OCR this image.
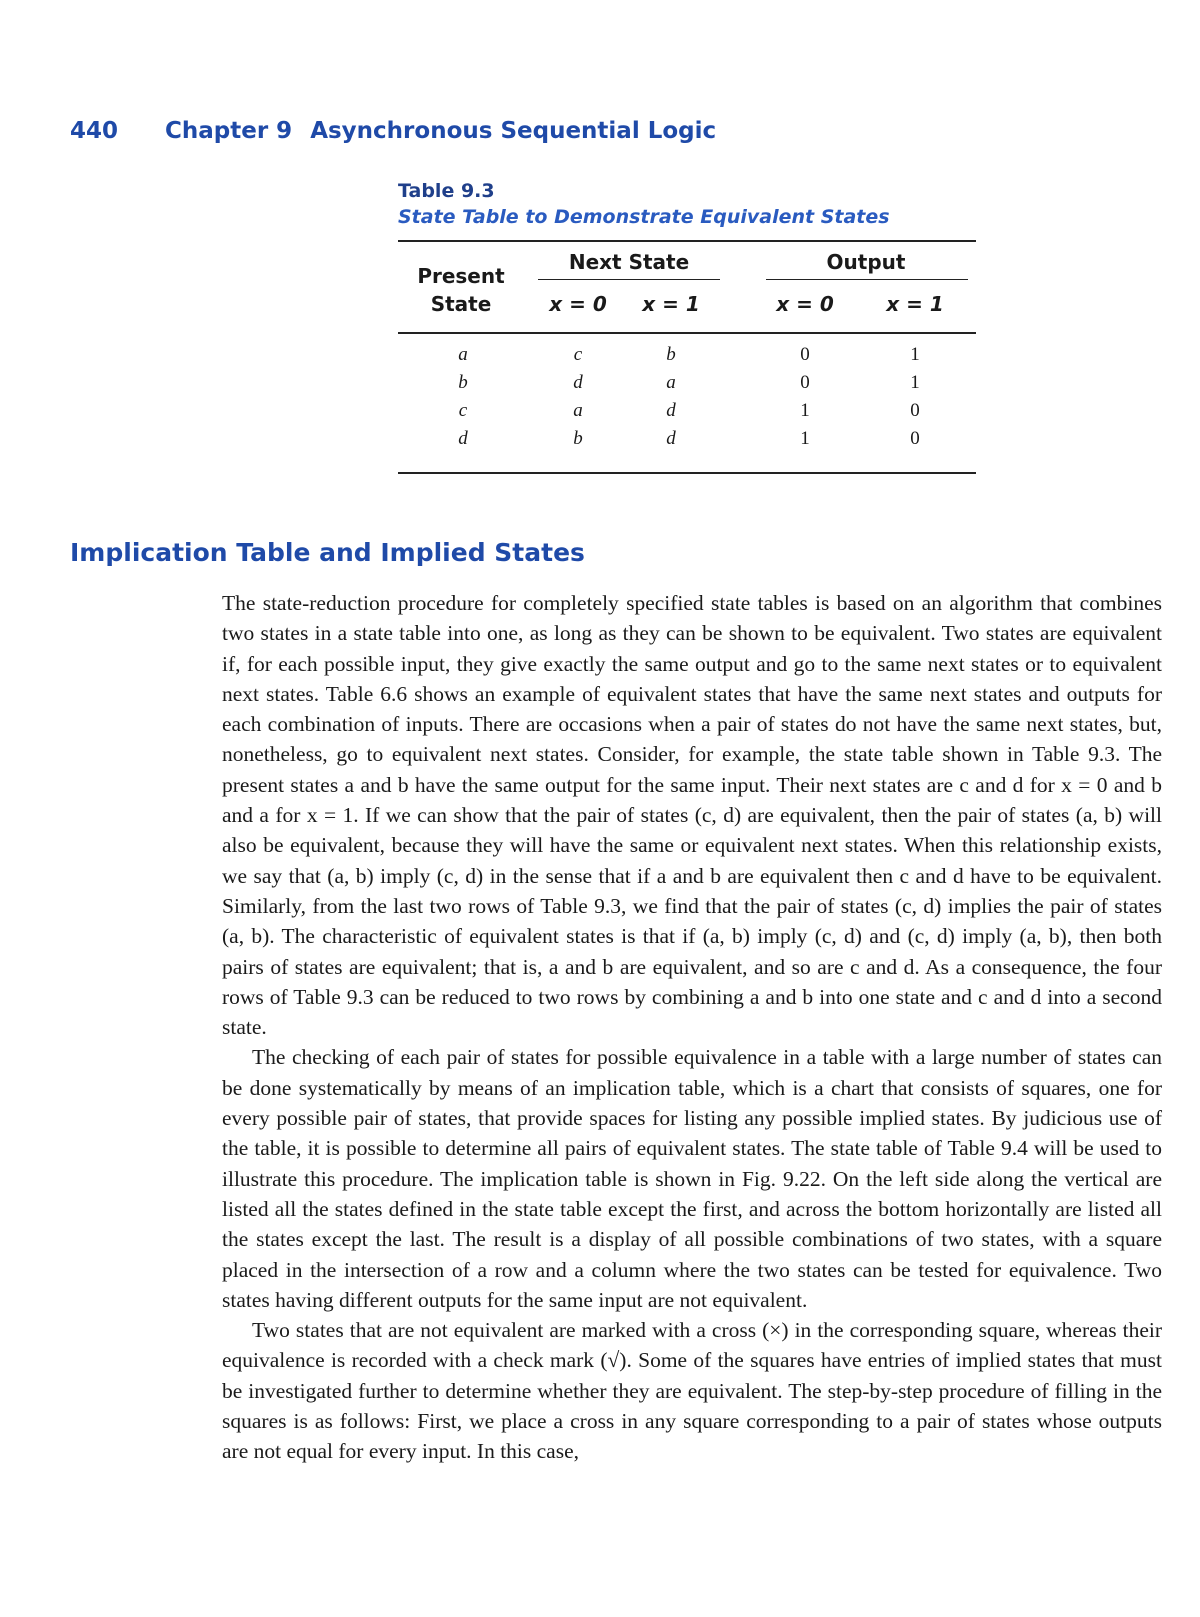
440 Chapter 9 Asynchronous Sequential Logic
Table 9.3
State Table to Demonstrate Equivalent States
Present
State
Next State	Output
x = 0	x = 1	x = 0	x = 1
a	c	b	0	1
b	d	a	0	1
c	a	d	1	0
d	b	d	1	0
Implication Table and Implied States

The state-reduction procedure for completely specified state tables is based on an algorithm that combines two states in a state table into one, as long as they can be shown to be equivalent. Two states are equivalent if, for each possible input, they give exactly the same output and go to the same next states or to equivalent next states. Table 6.6 shows an example of equivalent states that have the same next states and outputs for each combination of inputs. There are occasions when a pair of states do not have the same next states, but, nonetheless, go to equivalent next states. Consider, for example, the state table shown in Table 9.3. The present states a and b have the same output for the same input. Their next states are c and d for x = 0 and b and a for x = 1. If we can show that the pair of states (c, d) are equivalent, then the pair of states (a, b) will also be equivalent, because they will have the same or equivalent next states. When this relationship exists, we say that (a, b) imply (c, d) in the sense that if a and b are equivalent then c and d have to be equivalent. Similarly, from the last two rows of Table 9.3, we find that the pair of states (c, d) implies the pair of states (a, b). The characteristic of equivalent states is that if (a, b) imply (c, d) and (c, d) imply (a, b), then both pairs of states are equivalent; that is, a and b are equivalent, and so are c and d. As a consequence, the four rows of Table 9.3 can be reduced to two rows by combining a and b into one state and c and d into a second state.

The checking of each pair of states for possible equivalence in a table with a large number of states can be done systematically by means of an implication table, which is a chart that consists of squares, one for every possible pair of states, that provide spaces for listing any possible implied states. By judicious use of the table, it is possible to determine all pairs of equivalent states. The state table of Table 9.4 will be used to illustrate this procedure. The implication table is shown in Fig. 9.22. On the left side along the vertical are listed all the states defined in the state table except the first, and across the bottom horizontally are listed all the states except the last. The result is a display of all possible combinations of two states, with a square placed in the intersection of a row and a column where the two states can be tested for equivalence. Two states having different outputs for the same input are not equivalent.

Two states that are not equivalent are marked with a cross (×) in the corresponding square, whereas their equivalence is recorded with a check mark (√). Some of the squares have entries of implied states that must be investigated further to determine whether they are equivalent. The step-by-step procedure of filling in the squares is as follows: First, we place a cross in any square corresponding to a pair of states whose outputs are not equal for every input. In this case,
